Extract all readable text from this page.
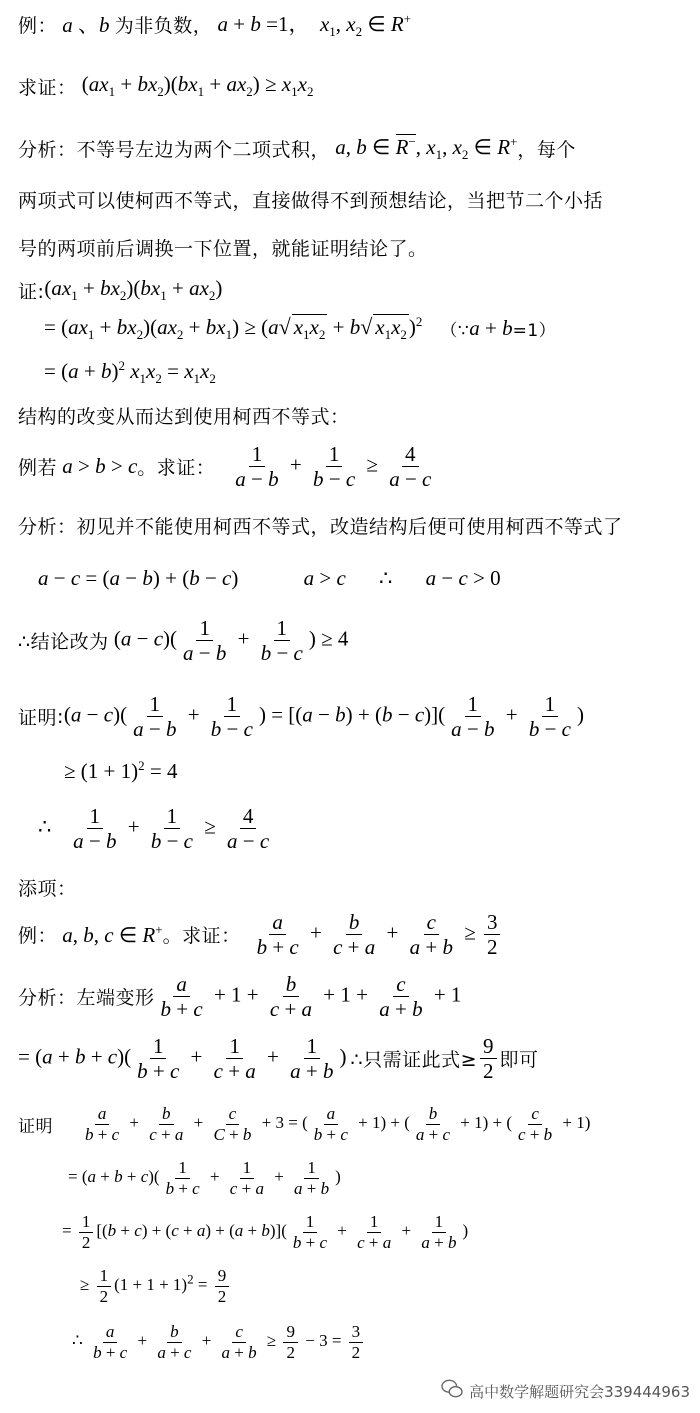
例： a 、b 为非负数， a + b =1，  $x_1$, $x_2$ ∈ R+
求证： $(ax_1 + bx_2)(bx_1 + ax_2) \ge x_1x_2$
分析： 不等号左边为两个二项式积， a, b ∈ R−, $x_1$, $x_2$ ∈ R+ ，每个
两项式可以使柯西不等式，直接做得不到预想结论，当把节二个小括
号的两项前后调换一下位置，就能证明结论了。
证: $(ax_1 + bx_2)(bx_1 + ax_2)$
= $(ax_1 + bx_2)(ax_2 + bx_1) \ge (a√$ $x_1x_2 + b√$ $x_1x_2)^2$ （∵ a + b =1）
= $(a + b)^2$ $x_1x_2 = x_1x_2$
结构的改变从而达到使用柯西不等式：
例若 a > b > c 。求证： $\frac{1}{a - b} + \frac{1}{b - c} \ge \frac{4}{a - c}$
分析：初见并不能使用柯西不等式，改造结构后便可使用柯西不等式了
a − c = (a − b) + (b − c)	a > c ∴ a − c > 0
∴结论改为 $(a - c)( \frac{1}{a - b} + \frac{1}{b - c}$ ) ≥ 4
证明 : $(a - c)( \frac{1}{a - b} + \frac{1}{b - c}$ ) = $[(a - b) + (b - c)]( \frac{1}{a - b} + \frac{1}{b - c}$ )
≥ $(1 + 1)^2 = 4$
∴ $\frac{1}{a - b} + \frac{1}{b - c} \ge \frac{4}{a - c}$
添项：
例： a, b, c ∈ R+ 。求证： $\frac{a}{b + c} + \frac{b}{c + a} + \frac{c}{a + b} \ge \frac{3}{2}$
分析：左端变形 $\frac{a}{b + c} + 1 + \frac{b}{c + a} + 1 + \frac{c}{a + b} + 1$
= $(a + b + c)( \frac{1}{b + c} + \frac{1}{c + a} + \frac{1}{a + b}$ ) ∴只需证此式≥ $\frac{9}{2}$ 即可
证明 $\frac{a}{b + c} + \frac{b}{c + a} + \frac{c}{C + b} + 3$ = ( $\frac{a}{b + c} + 1$) + ( $\frac{b}{a + c} + 1$) + ( $\frac{c}{c + b} + 1$)
= $(a + b + c)( \frac{1}{b + c} + \frac{1}{c + a} + \frac{1}{a + b}$ )
= $\frac{1}{2} [(b + c) + (c + a) + (a + b)]( \frac{1}{b + c} + \frac{1}{c + a} + \frac{1}{a + b}$ )
≥ $\frac{1}{2} (1 + 1 + 1)^2 = \frac{9}{2}$
∴ $\frac{a}{b + c} + \frac{b}{a + c} + \frac{c}{a + b} \ge \frac{9}{2} - 3 = \frac{3}{2}$
高中数学解题研究会339444963
